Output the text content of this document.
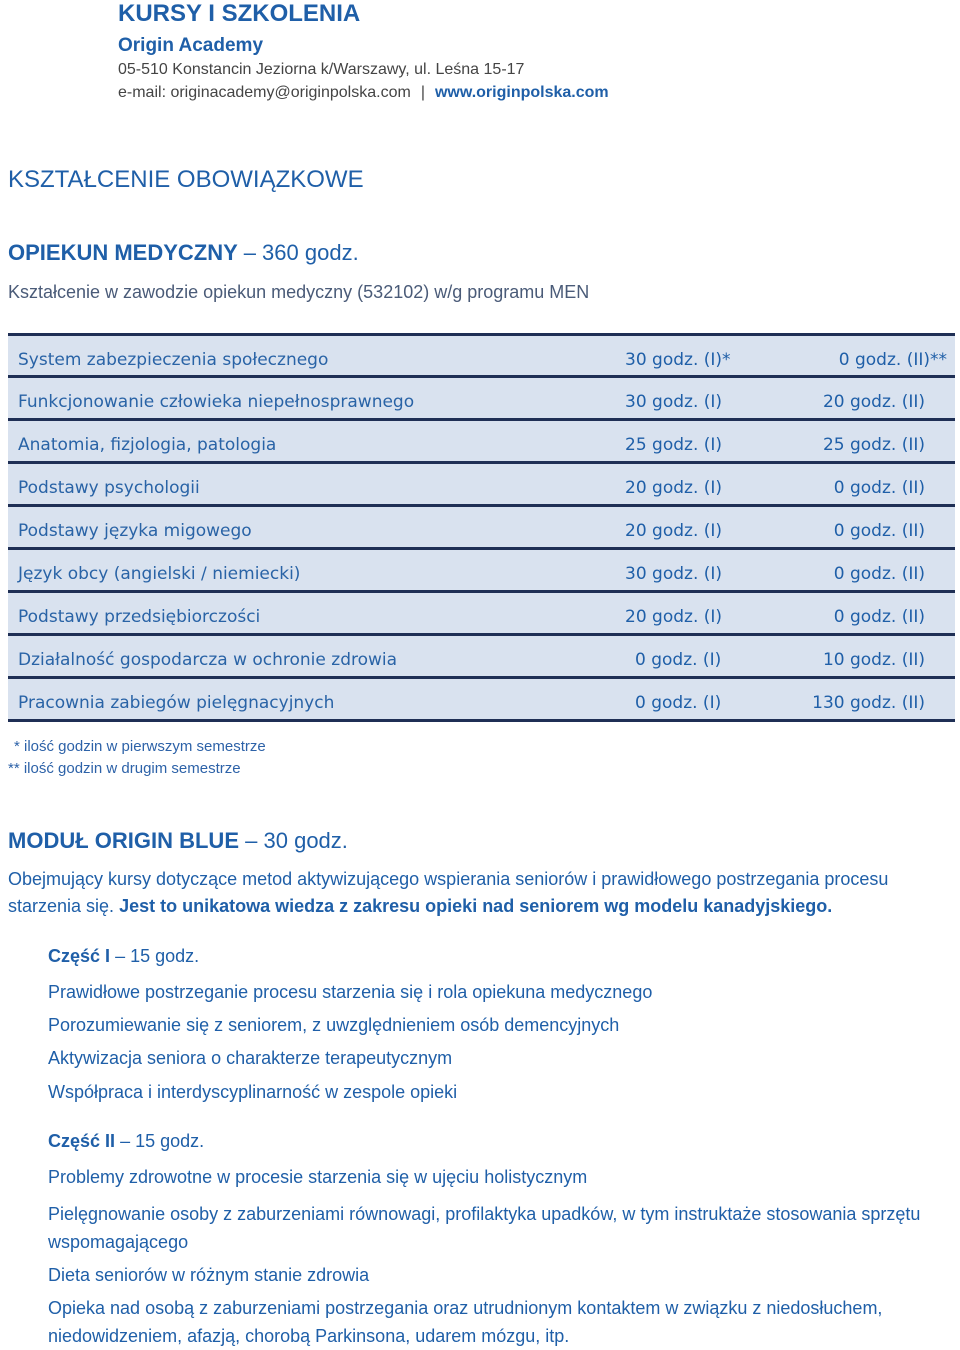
KURSY I SZKOLENIA
Origin Academy
05-510 Konstancin Jeziorna k/Warszawy, ul. Leśna 15-17
e-mail: originacademy@originpolska.com | www.originpolska.com
KSZTAŁCENIE OBOWIĄZKOWE
OPIEKUN MEDYCZNY – 360 godz.
Kształcenie w zawodzie opiekun medyczny (532102) w/g programu MEN
System zabezpieczenia społecznego	30 godz. (I)*	0 godz. (II)**
Funkcjonowanie człowieka niepełnosprawnego	30 godz. (I)	20 godz. (II)
Anatomia, fizjologia, patologia	25 godz. (I)	25 godz. (II)
Podstawy psychologii	20 godz. (I)	0 godz. (II)
Podstawy języka migowego	20 godz. (I)	0 godz. (II)
Język obcy (angielski / niemiecki)	30 godz. (I)	0 godz. (II)
Podstawy przedsiębiorczości	20 godz. (I)	0 godz. (II)
Działalność gospodarcza w ochronie zdrowia	0 godz. (I)	10 godz. (II)
Pracownia zabiegów pielęgnacyjnych	0 godz. (I)	130 godz. (II)
* ilość godzin w pierwszym semestrze
** ilość godzin w drugim semestrze
MODUŁ ORIGIN BLUE – 30 godz.
Obejmujący kursy dotyczące metod aktywizującego wspierania seniorów i prawidłowego postrzegania procesu starzenia się. Jest to unikatowa wiedza z zakresu opieki nad seniorem wg modelu kanadyjskiego.
Część I – 15 godz.
Prawidłowe postrzeganie procesu starzenia się i rola opiekuna medycznego
Porozumiewanie się z seniorem, z uwzględnieniem osób demencyjnych
Aktywizacja seniora o charakterze terapeutycznym
Współpraca i interdyscyplinarność w zespole opieki
Część II – 15 godz.
Problemy zdrowotne w procesie starzenia się w ujęciu holistycznym
Pielęgnowanie osoby z zaburzeniami równowagi, profilaktyka upadków, w tym instruktaże stosowania sprzętu wspomagającego
Dieta seniorów w różnym stanie zdrowia
Opieka nad osobą z zaburzeniami postrzegania oraz utrudnionym kontaktem w związku z niedosłuchem, niedowidzeniem, afazją, chorobą Parkinsona, udarem mózgu, itp.
